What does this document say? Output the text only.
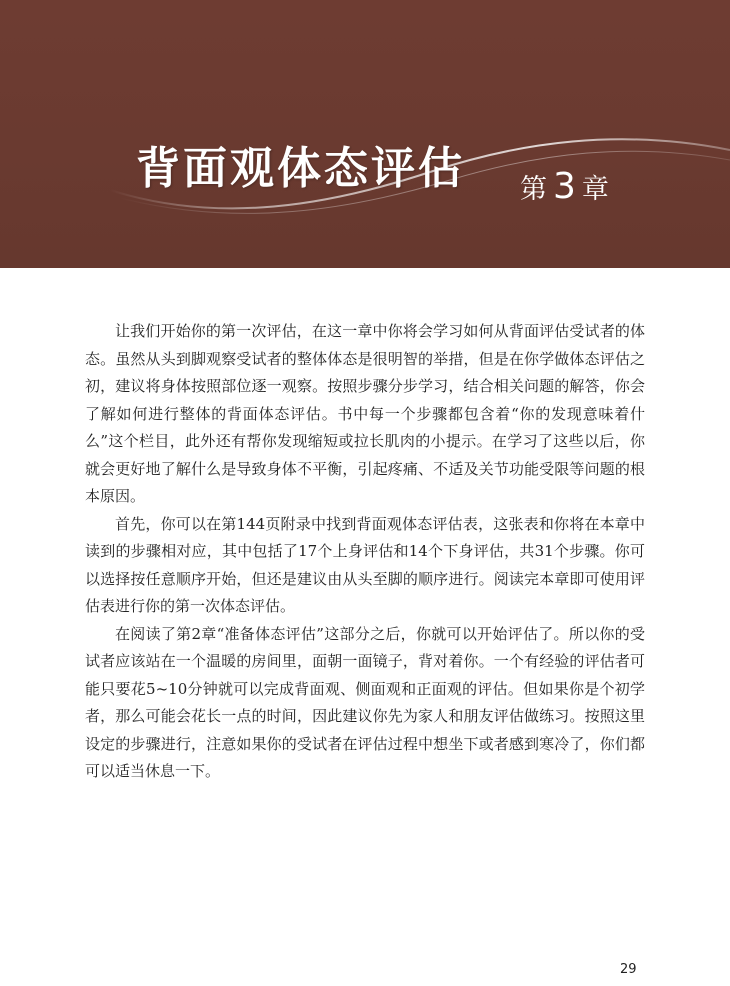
背面观体态评估 第 3 章

让我们开始你的第一次评估，在这一章中你将会学习如何从背面评估受试者的体态。虽然从头到脚观察受试者的整体体态是很明智的举措，但是在你学做体态评估之初，建议将身体按照部位逐一观察。按照步骤分步学习，结合相关问题的解答，你会了解如何进行整体的背面体态评估。书中每一个步骤都包含着“你的发现意味着什么”这个栏目，此外还有帮你发现缩短或拉长肌肉的小提示。在学习了这些以后，你就会更好地了解什么是导致身体不平衡，引起疼痛、不适及关节功能受限等问题的根本原因。

首先，你可以在第144页附录中找到背面观体态评估表，这张表和你将在本章中读到的步骤相对应，其中包括了17个上身评估和14个下身评估，共31个步骤。你可以选择按任意顺序开始，但还是建议由从头至脚的顺序进行。阅读完本章即可使用评估表进行你的第一次体态评估。

在阅读了第2章“准备体态评估”这部分之后，你就可以开始评估了。所以你的受试者应该站在一个温暖的房间里，面朝一面镜子，背对着你。一个有经验的评估者可能只要花5~10分钟就可以完成背面观、侧面观和正面观的评估。但如果你是个初学者，那么可能会花长一点的时间，因此建议你先为家人和朋友评估做练习。按照这里设定的步骤进行，注意如果你的受试者在评估过程中想坐下或者感到寒冷了，你们都可以适当休息一下。

29
